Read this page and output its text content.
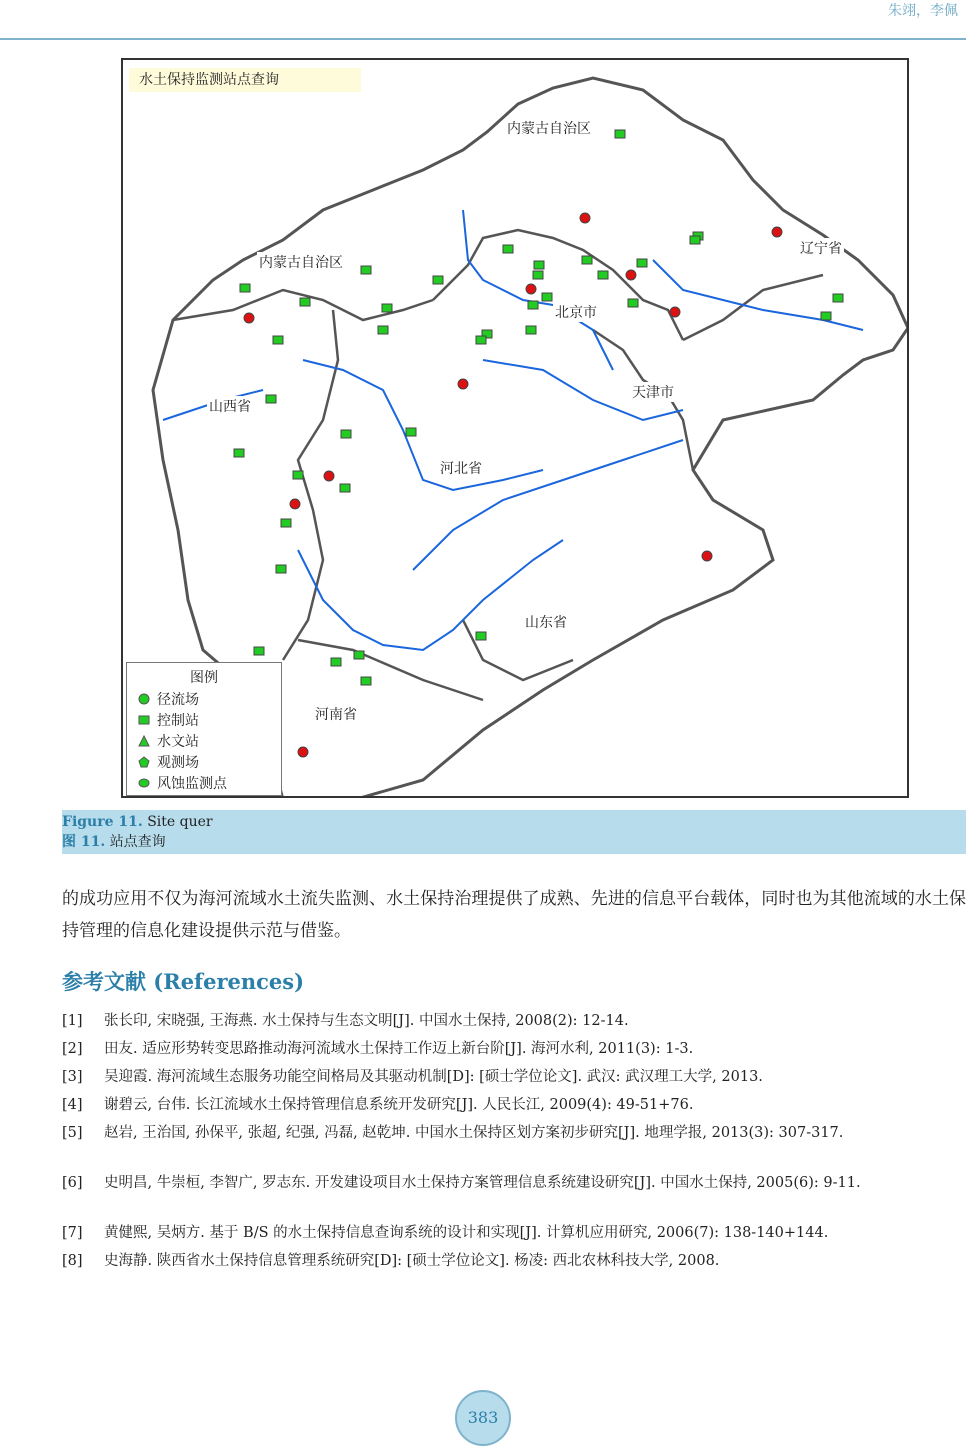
朱翊，李佩
水土保持监测站点查询
内蒙古自治区
辽宁省
内蒙古自治区
北京市
天津市
山西省
河北省
山东省
河南省
图例
径流场
控制站
水文站
观测场
风蚀监测点
Figure 11. Site quer
图 11. 站点查询
的成功应用不仅为海河流域水土流失监测、水土保持治理提供了成熟、先进的信息平台载体，同时也为其他流域的水土保持管理的信息化建设提供示范与借鉴。
参考文献 (References)
[1] 张长印, 宋晓强, 王海燕. 水土保持与生态文明[J]. 中国水土保持, 2008(2): 12-14.
[2] 田友. 适应形势转变思路推动海河流域水土保持工作迈上新台阶[J]. 海河水利, 2011(3): 1-3.
[3] 吴迎霞. 海河流域生态服务功能空间格局及其驱动机制[D]: [硕士学位论文]. 武汉: 武汉理工大学, 2013.
[4] 谢碧云, 台伟. 长江流域水土保持管理信息系统开发研究[J]. 人民长江, 2009(4): 49-51+76.
[5] 赵岩, 王治国, 孙保平, 张超, 纪强, 冯磊, 赵乾坤. 中国水土保持区划方案初步研究[J]. 地理学报, 2013(3): 307-317.
[6] 史明昌, 牛崇桓, 李智广, 罗志东. 开发建设项目水土保持方案管理信息系统建设研究[J]. 中国水土保持, 2005(6): 9-11.
[7] 黄健熙, 吴炳方. 基于 B/S 的水土保持信息查询系统的设计和实现[J]. 计算机应用研究, 2006(7): 138-140+144.
[8] 史海静. 陕西省水土保持信息管理系统研究[D]: [硕士学位论文]. 杨凌: 西北农林科技大学, 2008.
383
